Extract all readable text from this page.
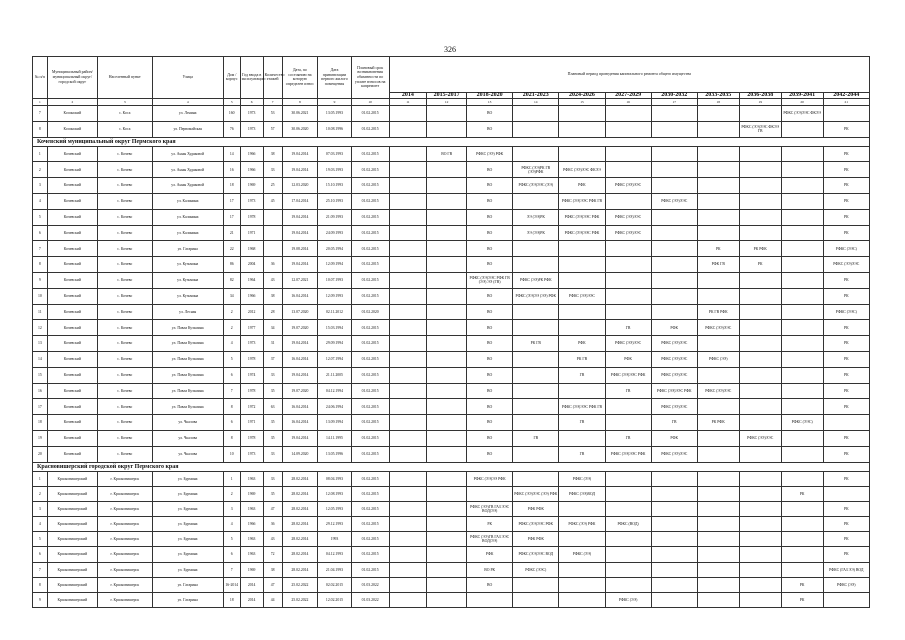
326
№ п/п	Муниципальный район/муниципальный округ/городской округ	Населенный пункт	Улица	Дом / корпус	Год ввода в эксплуатацию	Количество этажей	Дата, по состоянию на которую определен износ	Дата приватизации первого жилого помещения	Плановый срок возникновения обязанности по уплате взносов на капремонт	Плановый период проведения капитального ремонта общего имущества										
										2014	2015-2017	2018-2020	2021-2023	2024-2026	2027-2029	2030-2032	2033-2035	2036-2038	2039-2041	2042-2044
1	2	3	4	5	6	7	8	9	10	11	12	13	14	15	16	17	18	19	20	21
7	Косинский	с. Коса	ул. Ленина	160	1973	53	30.06.2021	13.05.1993	01.02.2015			ВО							РФКС (ЭЭ)ЭЭС ФКЭЭ	
8	Косинский	с. Коса	ул. Первомайская	76	1973	57	30.06.2020	10.08.1996	01.02.2015			ВО						РФКС (ЭЭ)ЭЭС ФКЭЭ ГВ		РК
Кочевский муниципальный округ Пермского края																				
1	Кочевский	с. Кочево	ул. Анны Худяковой	14	1966	38	19.04.2014	07.03.1993	01.02.2015		ВО ГВ	РФКС (ЭЭ) РФК								РК
2	Кочевский	с. Кочево	ул. Анны Худяковой	16	1966	33	19.04.2014	19.03.1993	01.02.2015			ВО	РФКС (ЭЭ)РК ГВ (ЭЭ)РФК	РФКС (ЭЭ)ЭЭС ФКЭЭ						РК
3	Кочевский	с. Кочево	ул. Анны Худяковой	18	1969	25	12.03.2020	15.10.1993	01.02.2015			ВО	РФКС (ЭЭ)ЭЭС (ЭЭ)	РФК	РФКС (ЭЭ)ЭЭС					РК
4	Кочевский	с. Кочево	ул. Калинина	17	1973	45	17.04.2014	25.10.1993	01.02.2015			ВО		РФКС (ЭЭ)ЭЭС РФК ГВ		РФКС (ЭЭ)ЭЭС				РК
5	Кочевский	с. Кочево	ул. Калинина	17	1978		19.04.2014	21.09.1993	01.02.2015			ВО	ЭЭ (ЭЭ)РК	РФКС (ЭЭ)ЭЭС РФК	РФКС (ЭЭ)ЭЭС					РК
6	Кочевский	с. Кочево	ул. Калинина	21	1971		19.04.2014	24.09.1993	01.02.2015			ВО	ЭЭ (ЭЭ)РК	РФКС (ЭЭ)ЭЭС РФК	РФКС (ЭЭ)ЭЭС					РК
7	Кочевский	с. Кочево	ул. Гагарина	22	1968		19.08.2014	20.05.1994	01.02.2015			ВО					РК	РК РФК		РФКС (ЭЭС)
8	Кочевский	с. Кочево	ул. Кузьмина	86	2004	36	19.04.2014	12.09.1994	01.02.2015			ВО					РФК ГВ	РК		РФКС (ЭЭ)ЭЭС
9	Кочевский	с. Кочево	ул. Кузьмина	82	1964	43	12.07.2021	10.07.1993	01.02.2015			РФКС (ЭЭ)ЭЭС РФК ГВ (ЭЭ) ЭЭ (ГВ)	РФКС (ЭЭ)РК РФК							РК
10	Кочевский	с. Кочево	ул. Кузьмина	34	1966	38	16.04.2014	12.09.1993	01.02.2015			ВО	РФКС (ЭЭ)ЭЭ (ЭЭ) РФК	РФКС (ЭЭ)ЭЭС						РК
11	Кочевский	с. Кочево	ул. Лесная	2	2012	28	13.07.2020	02.11.2012	01.02.2020			ВО					РК ГВ РФК			РФКС (ЭЭС)
12	Кочевский	с. Кочево	ул. Павла Кузьмина	2	1977	34	19.07.2020	15.03.1994	01.02.2015			ВО			ГВ	РФК	РФКС (ЭЭ)ЭЭС			РК
13	Кочевский	с. Кочево	ул. Павла Кузьмина	4	1973	31	19.04.2014	29.09.1994	01.02.2015			ВО	РК ГВ	РФК	РФКС (ЭЭ)ЭЭС	РФКС (ЭЭ)ЭЭС				РК
14	Кочевский	с. Кочево	ул. Павла Кузьмина	5	1978	37	16.04.2014	12.07.1994	01.02.2015			ВО		РК ГВ	РФК	РФКС (ЭЭ)ЭЭС	РФКС (ЭЭ)			РК
15	Кочевский	с. Кочево	ул. Павла Кузьмина	6	1974	33	19.04.2014	21.11.2005	01.02.2015			ВО		ГВ	РФКС (ЭЭ)ЭЭС РФК	РФКС (ЭЭ)ЭЭС				РК
16	Кочевский	с. Кочево	ул. Павла Кузьмина	7	1978	35	19.07.2020	04.12.1994	01.02.2015			ВО			ГВ	РФКС (ЭЭ)ЭЭС РФК	РФКС (ЭЭ)ЭЭС			РК
17	Кочевский	с. Кочево	ул. Павла Кузьмина	8	1972	63	16.04.2014	24.06.1994	01.02.2015			ВО		РФКС (ЭЭ)ЭЭС РФК ГВ		РФКС (ЭЭ)ЭЭС				РК
18	Кочевский	с. Кочево	ул. Чкалова	6	1971	35	16.04.2014	13.09.1994	01.02.2015			ВО		ГВ		ГВ	РК РФК		РФКС (ЭЭС)	
19	Кочевский	с. Кочево	ул. Чкалова	8	1978	35	19.04.2014	14.11.1995	01.02.2015			ВО	ГВ		ГВ	РФК		РФКС (ЭЭ)ЭЭС		РК
20	Кочевский	с. Кочево	ул. Чкалова	10	1973	33	14.09.2020	13.05.1996	01.02.2015			ВО		ГВ	РФКС (ЭЭ)ЭЭС РФК	РФКС (ЭЭ)ЭЭС				РК
Красновишерский городской округ Пермского края																				
1	Красновишерский	г. Красновишерск	ул. Бурмина	1	1963	33	28.02.2014	08.04.1993	01.02.2015			РФКС (ЭЭ)ЭЭ РФК		РФКС (ЭЭ)						РК
2	Красновишерский	г. Красновишерск	ул. Бурмина	2	1969	35	28.02.2014	12.08.1993	01.02.2015				РФКС (ЭЭ)ЭЭС (ЭЭ) РФК	РФКС (ЭЭ)ВОД					РК	
3	Красновишерский	г. Красновишерск	ул. Бурмина	3	1963	47	28.02.2014	12.05.1993	01.02.2015			РФКС (ЭЭ)ГВ ГАЗ ЭЭС ВОД(ЭЭ)	РФК РФК							РК
4	Красновишерский	г. Красновишерск	ул. Бурмина	4	1966	36	28.02.2014	29.12.1993	01.02.2015			РК	РФКС (ЭЭ)ЭЭС РФК	РФКС (ЭЭ) РФК	РФКС (ВОД)					РК
5	Красновишерский	г. Красновишерск	ул. Бурмина	5	1963	43	28.02.2014	1993	01.02.2015			РФКС (ЭЭ)ГВ ГАЗ ЭЭС ВОД(ЭЭ)	РФК РФК							РК
6	Красновишерский	г. Красновишерск	ул. Бурмина	6	1963	72	28.02.2014	04.12.1993	01.02.2015			РФК	РФКС (ЭЭ)ЭЭС ВОД	РФКС (ЭЭ)						РК
7	Красновишерский	г. Красновишерск	ул. Бурмина	7	1969	38	28.02.2014	21.04.1993	01.02.2015			ВО РК	РФКС (ЭЭС)							РФКС (ГАЗ ЭЭ) ВОД
8	Красновишерский	г. Красновишерск	ул. Гагарина	16-2014	2014	47	25.02.2022	02.02.2015	01.03.2022			ВО							РК	РФКС (ЭЭ)
9	Красновишерский	г. Красновишерск	ул. Гагарина	18	2014	44	25.02.2022	12.02.2015	01.03.2022						РФКС (ЭЭ)				РК	
